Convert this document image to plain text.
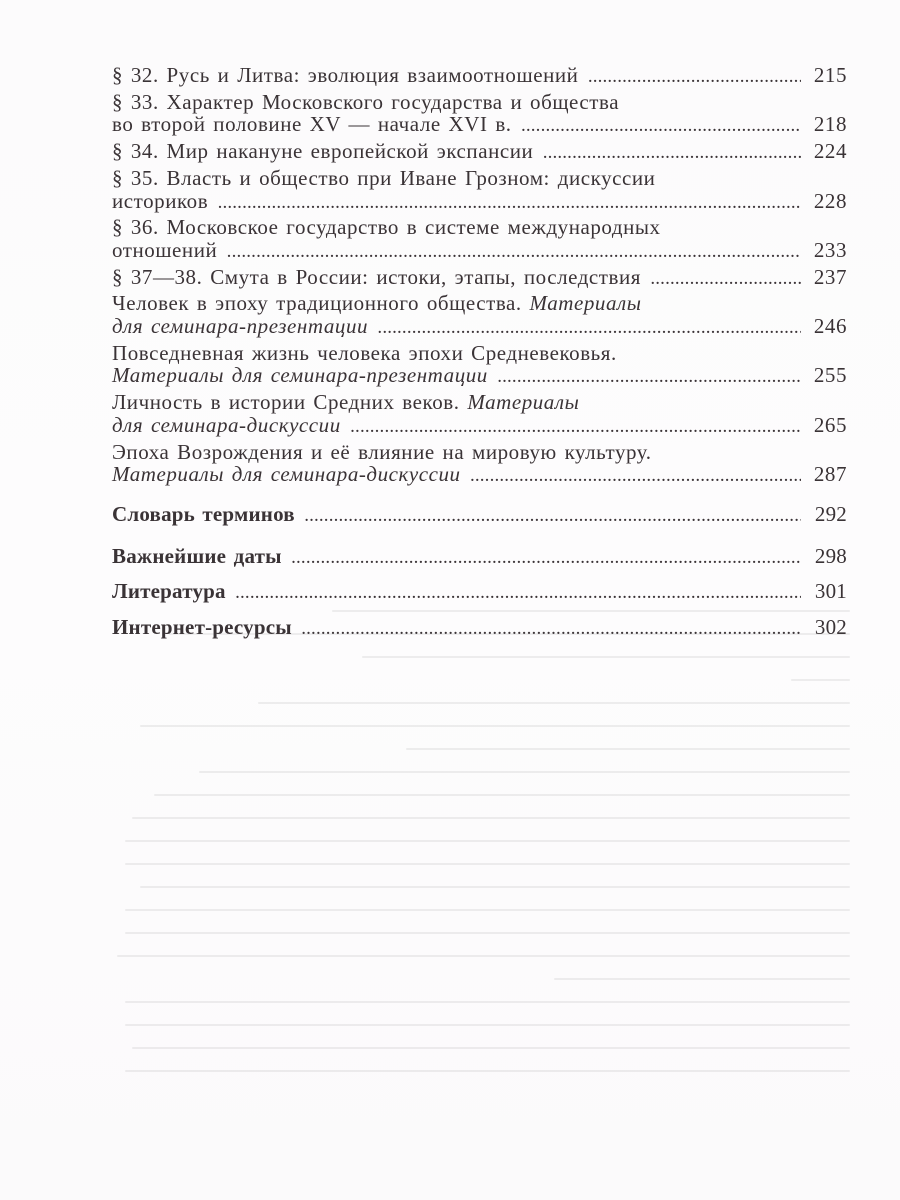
§ 32. Русь и Литва: эволюция взаимоотношений .....	215
§ 33. Характер Московского государства и общества
во второй половине XV — начале XVI в. .....	218
§ 34. Мир накануне европейской экспансии .....	224
§ 35. Власть и общество при Иване Грозном: дискуссии
историков .....	228
§ 36. Московское государство в системе международных
отношений .....	233
§ 37—38. Смута в России: истоки, этапы, последствия .....	237
Человек в эпоху традиционного общества. Материалы
для семинара-презентации .....	246
Повседневная жизнь человека эпохи Средневековья.
Материалы для семинара-презентации .....	255
Личность в истории Средних веков. Материалы
для семинара-дискуссии .....	265
Эпоха Возрождения и её влияние на мировую культуру.
Материалы для семинара-дискуссии .....	287
Словарь терминов .....	292
Важнейшие даты .....	298
Литература .....	301
Интернет-ресурсы .....	302
